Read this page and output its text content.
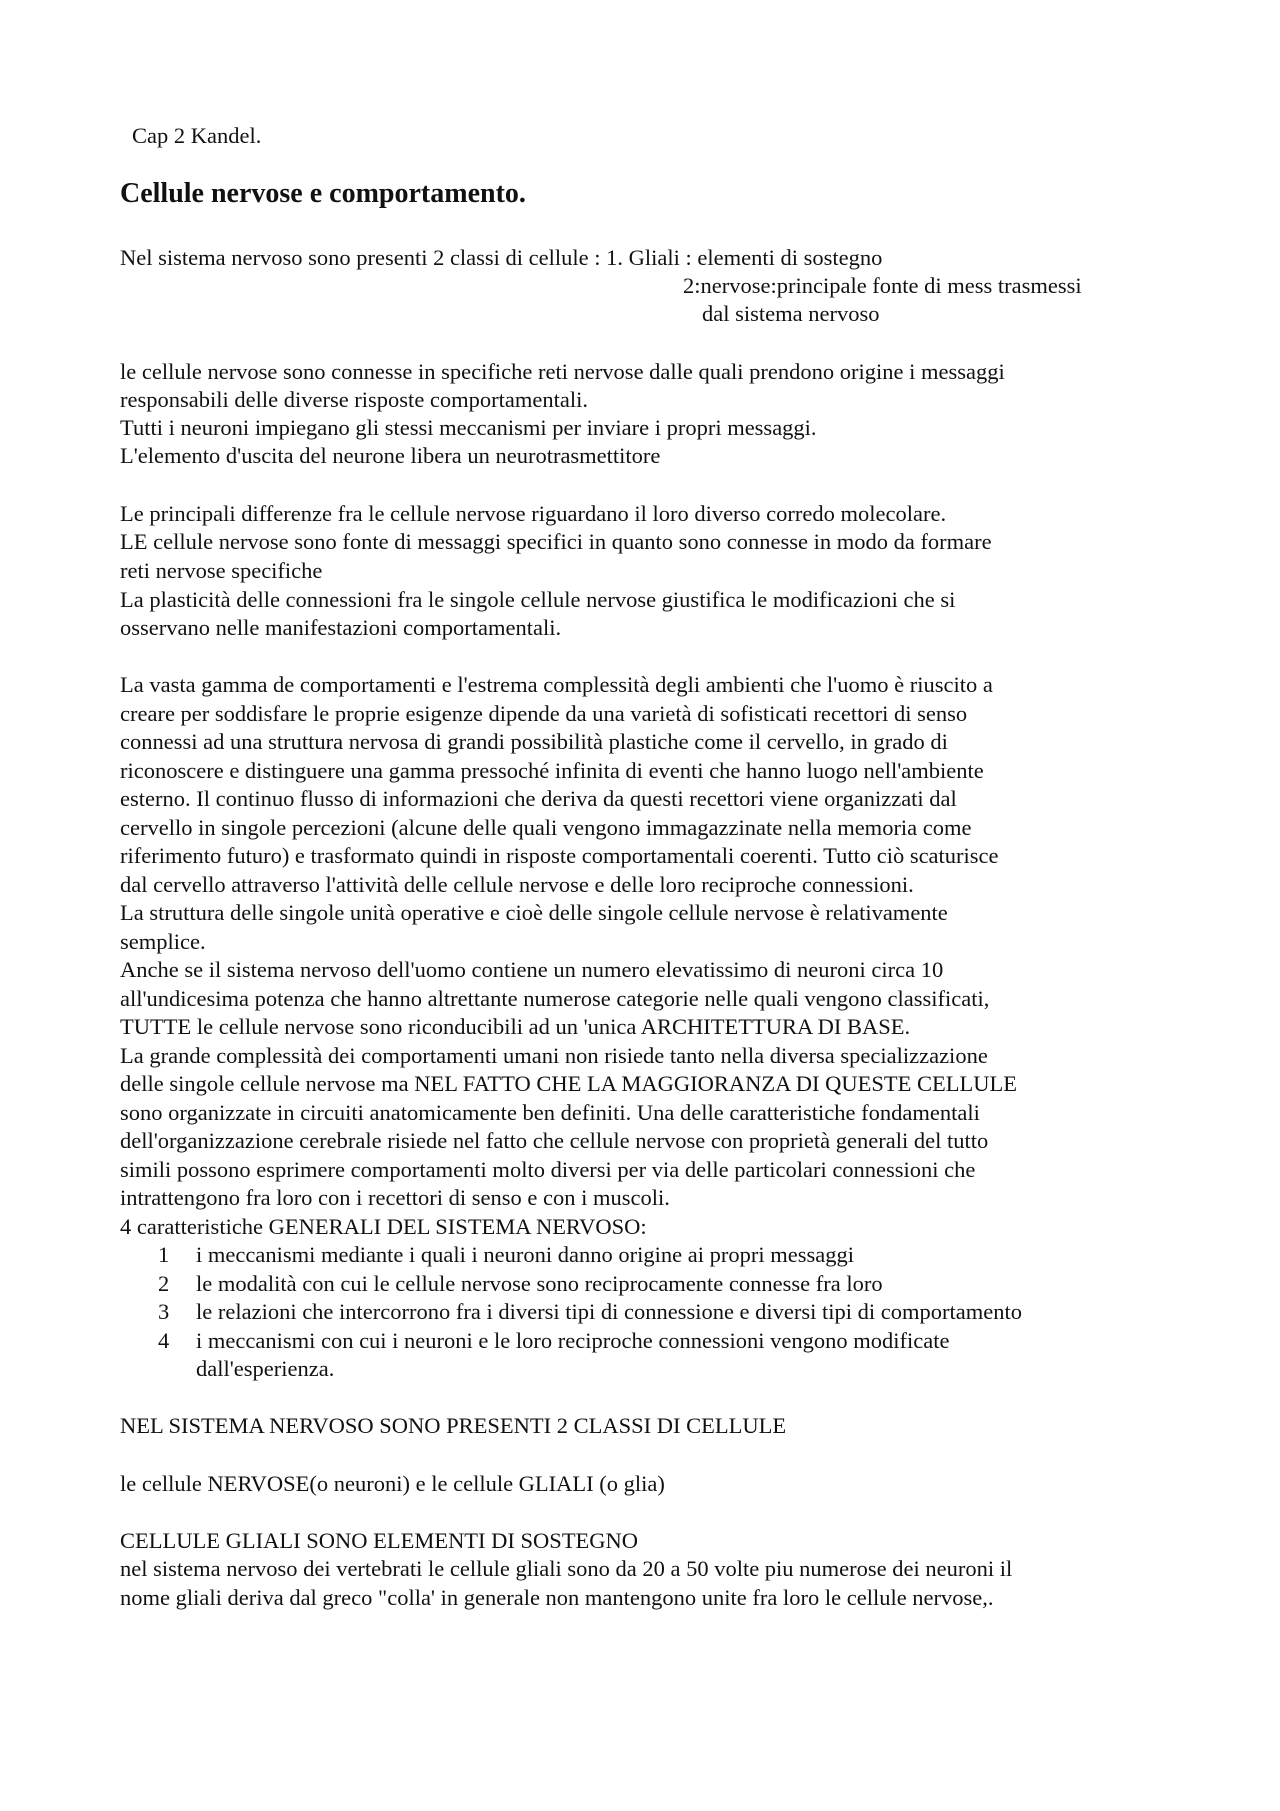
Cap 2 Kandel.
Cellule nervose e comportamento.
Nel sistema nervoso sono presenti 2 classi di cellule : 1. Gliali : elementi di sostegno
2:nervose:principale fonte di mess trasmessi
dal sistema nervoso
le cellule nervose sono connesse in specifiche reti nervose dalle quali prendono origine i messaggi
responsabili delle diverse risposte comportamentali.
Tutti i neuroni impiegano gli stessi meccanismi per inviare i propri messaggi.
L'elemento d'uscita del neurone libera un neurotrasmettitore
Le principali differenze fra le cellule nervose riguardano il loro diverso corredo molecolare.
LE cellule nervose sono fonte di messaggi specifici in quanto sono connesse in modo da formare
reti nervose specifiche
La plasticità delle connessioni fra le singole cellule nervose giustifica le modificazioni che si
osservano nelle manifestazioni comportamentali.
La vasta gamma de comportamenti e l'estrema complessità degli ambienti che l'uomo è riuscito a
creare per soddisfare le proprie esigenze dipende da una varietà di sofisticati recettori di senso
connessi ad una struttura nervosa di grandi possibilità plastiche come il cervello, in grado di
riconoscere e distinguere una gamma pressoché infinita di eventi che hanno luogo nell'ambiente
esterno. Il continuo flusso di informazioni che deriva da questi recettori viene organizzati dal
cervello in singole percezioni (alcune delle quali vengono immagazzinate nella memoria come
riferimento futuro) e trasformato quindi in risposte comportamentali coerenti. Tutto ciò scaturisce
dal cervello attraverso l'attività delle cellule nervose e delle loro reciproche connessioni.
La struttura delle singole unità operative e cioè delle singole cellule nervose è relativamente
semplice.
Anche se il sistema nervoso dell'uomo contiene un numero elevatissimo di neuroni circa 10
all'undicesima potenza che hanno altrettante numerose categorie nelle quali vengono classificati,
TUTTE le cellule nervose sono riconducibili ad un 'unica ARCHITETTURA DI BASE.
La grande complessità dei comportamenti umani non risiede tanto nella diversa specializzazione
delle singole cellule nervose ma NEL FATTO CHE LA MAGGIORANZA DI QUESTE CELLULE
sono organizzate in circuiti anatomicamente ben definiti. Una delle caratteristiche fondamentali
dell'organizzazione cerebrale risiede nel fatto che cellule nervose con proprietà generali del tutto
simili possono esprimere comportamenti molto diversi per via delle particolari connessioni che
intrattengono fra loro con i recettori di senso e con i muscoli.
4 caratteristiche GENERALI DEL SISTEMA NERVOSO:
1 i meccanismi mediante i quali i neuroni danno origine ai propri messaggi
2 le modalità con cui le cellule nervose sono reciprocamente connesse fra loro
3 le relazioni che intercorrono fra i diversi tipi di connessione e diversi tipi di comportamento
4 i meccanismi con cui i neuroni e le loro reciproche connessioni vengono modificate
dall'esperienza.
NEL SISTEMA NERVOSO SONO PRESENTI 2 CLASSI DI CELLULE
le cellule NERVOSE(o neuroni) e le cellule GLIALI (o glia)
CELLULE GLIALI SONO ELEMENTI DI SOSTEGNO
nel sistema nervoso dei vertebrati le cellule gliali sono da 20 a 50 volte piu numerose dei neuroni il
nome gliali deriva dal greco "colla' in generale non mantengono unite fra loro le cellule nervose,.
